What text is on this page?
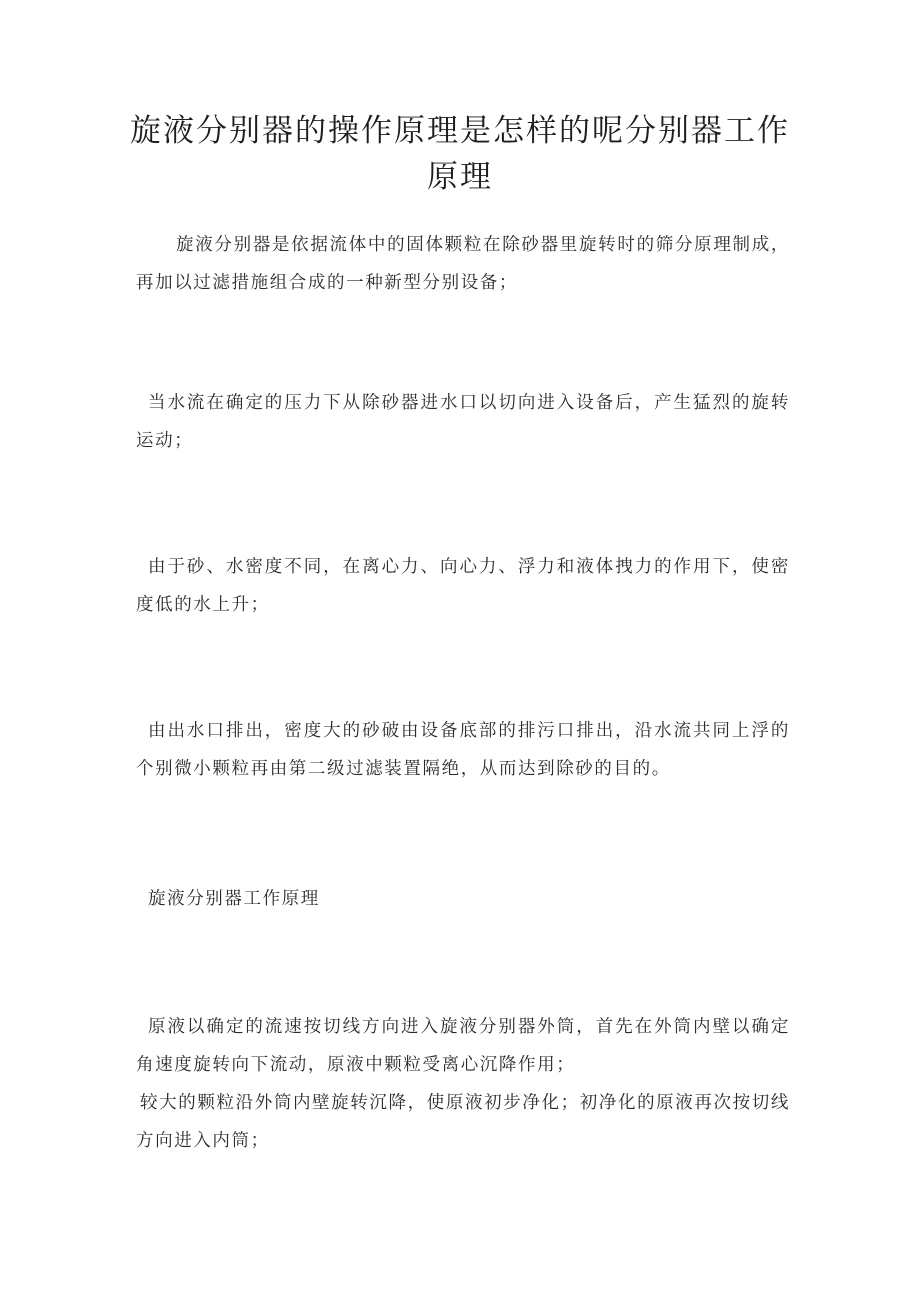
旋液分别器的操作原理是怎样的呢分别器工作原理

旋液分别器是依据流体中的固体颗粒在除砂器里旋转时的筛分原理制成，再加以过滤措施组合成的一种新型分别设备；

当水流在确定的压力下从除砂器进水口以切向进入设备后，产生猛烈的旋转运动；

由于砂、水密度不同，在离心力、向心力、浮力和液体拽力的作用下，使密度低的水上升；

由出水口排出，密度大的砂破由设备底部的排污口排出，沿水流共同上浮的个别微小颗粒再由第二级过滤装置隔绝，从而达到除砂的目的。

旋液分别器工作原理

原液以确定的流速按切线方向进入旋液分别器外筒，首先在外筒内壁以确定角速度旋转向下流动，原液中颗粒受离心沉降作用；

较大的颗粒沿外筒内壁旋转沉降，使原液初步净化；初净化的原液再次按切线方向进入内筒；
